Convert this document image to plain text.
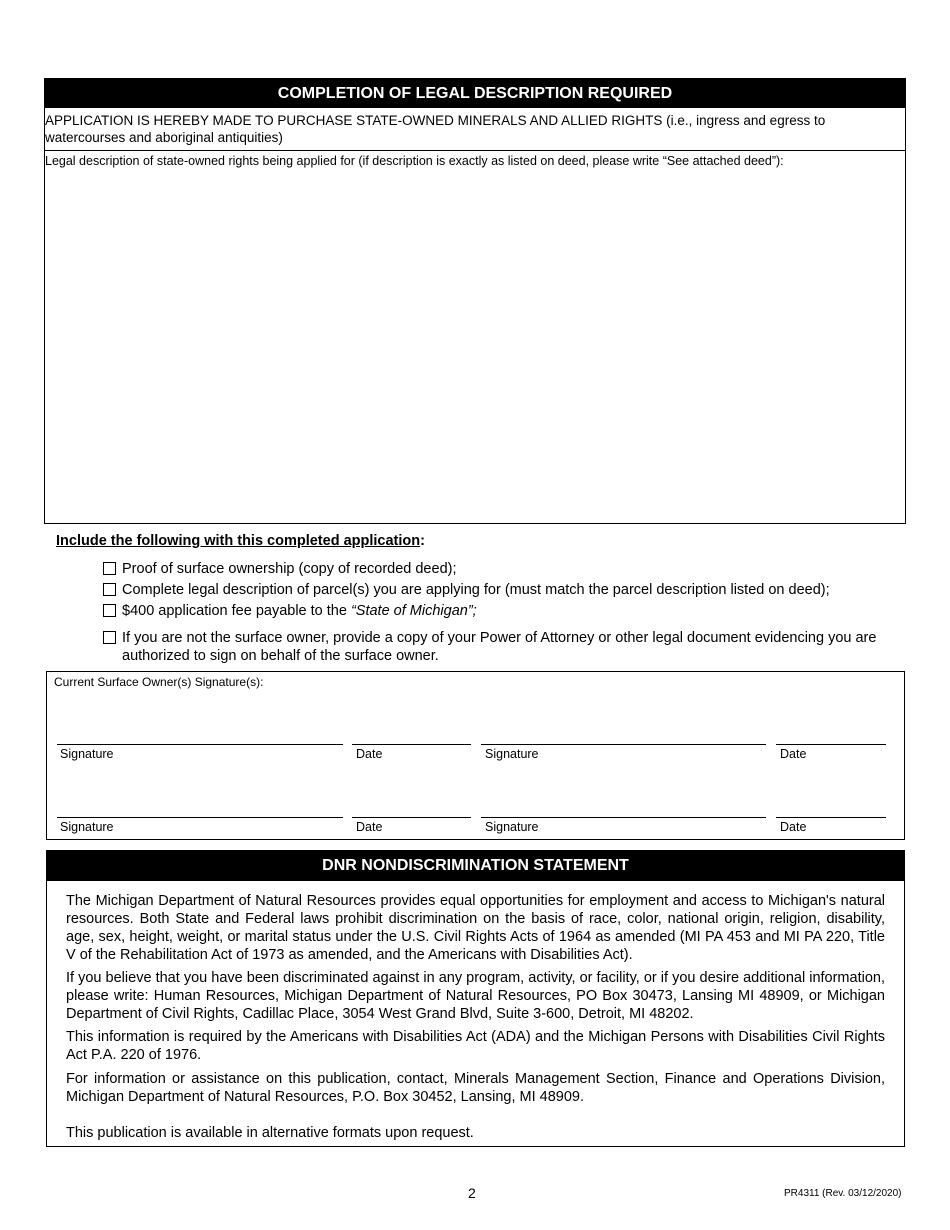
COMPLETION OF LEGAL DESCRIPTION REQUIRED
APPLICATION IS HEREBY MADE TO PURCHASE STATE-OWNED MINERALS AND ALLIED RIGHTS (i.e., ingress and egress to watercourses and aboriginal antiquities)
Legal description of state-owned rights being applied for (if description is exactly as listed on deed, please write “See attached deed”):
Include the following with this completed application:
Proof of surface ownership (copy of recorded deed);
Complete legal description of parcel(s) you are applying for (must match the parcel description listed on deed);
$400 application fee payable to the “State of Michigan”;
If you are not the surface owner, provide a copy of your Power of Attorney or other legal document evidencing you are authorized to sign on behalf of the surface owner.
Current Surface Owner(s) Signature(s):
Signature	Date	Signature	Date
Signature	Date	Signature	Date
DNR NONDISCRIMINATION STATEMENT
The Michigan Department of Natural Resources provides equal opportunities for employment and access to Michigan's natural resources. Both State and Federal laws prohibit discrimination on the basis of race, color, national origin, religion, disability, age, sex, height, weight, or marital status under the U.S. Civil Rights Acts of 1964 as amended (MI PA 453 and MI PA 220, Title V of the Rehabilitation Act of 1973 as amended, and the Americans with Disabilities Act).
If you believe that you have been discriminated against in any program, activity, or facility, or if you desire additional information, please write: Human Resources, Michigan Department of Natural Resources, PO Box 30473, Lansing MI 48909, or Michigan Department of Civil Rights, Cadillac Place, 3054 West Grand Blvd, Suite 3-600, Detroit, MI 48202.
This information is required by the Americans with Disabilities Act (ADA) and the Michigan Persons with Disabilities Civil Rights Act P.A. 220 of 1976.
For information or assistance on this publication, contact, Minerals Management Section, Finance and Operations Division, Michigan Department of Natural Resources, P.O. Box 30452, Lansing, MI 48909.
This publication is available in alternative formats upon request.
2	PR4311 (Rev. 03/12/2020)
